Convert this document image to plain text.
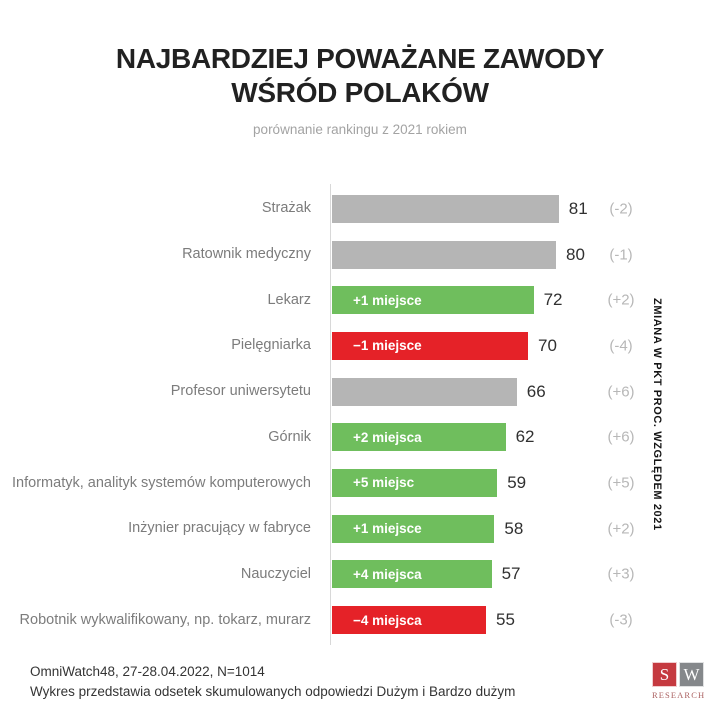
NAJBARDZIEJ POWAŻANE ZAWODY
WŚRÓD POLAKÓW
porównanie rankingu z 2021 rokiem
Strażak	81	(-2)
Ratownik medyczny	80	(-1)
Lekarz	+1 miejsce	72	(+2)
Pielęgniarka	−1 miejsce	70	(-4)
Profesor uniwersytetu	66	(+6)
Górnik	+2 miejsca	62	(+6)
Informatyk, analityk systemów komputerowych	+5 miejsc	59	(+5)
Inżynier pracujący w fabryce	+1 miejsce	58	(+2)
Nauczyciel	+4 miejsca	57	(+3)
Robotnik wykwalifikowany, np. tokarz, murarz	−4 miejsca	55	(-3)
ZMIANA W PKT PROC. WZGLĘDEM 2021
OmniWatch48, 27-28.04.2022, N=1014
Wykres przedstawia odsetek skumulowanych odpowiedzi Dużym i Bardzo dużym
S W
RESEARCH
